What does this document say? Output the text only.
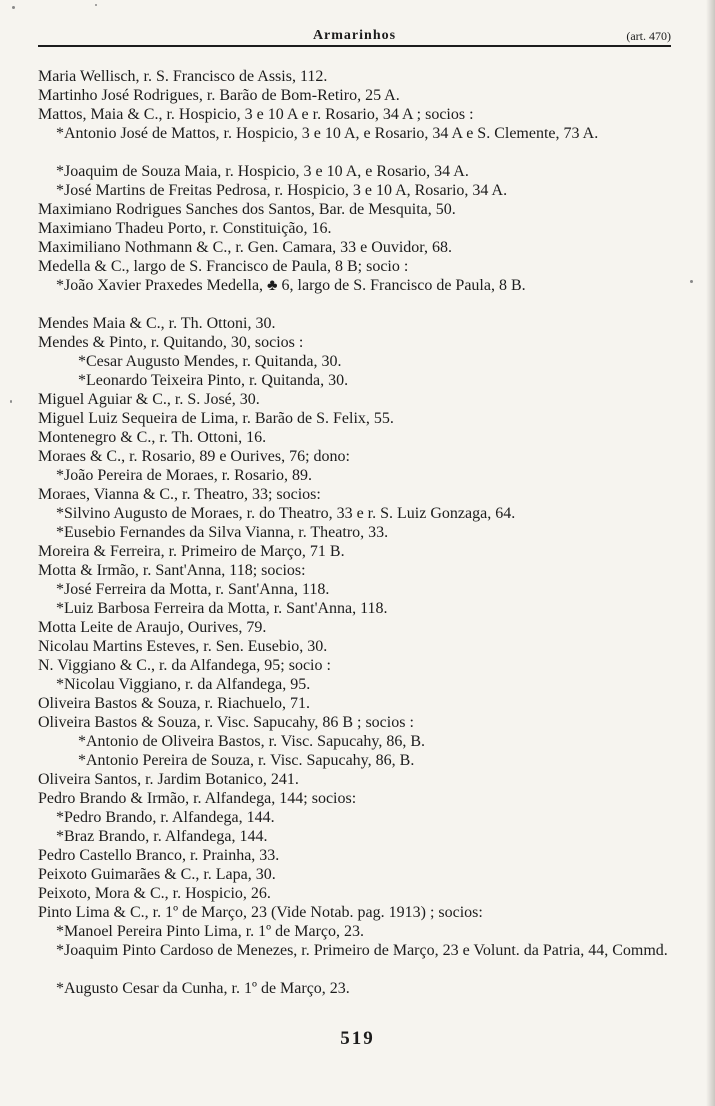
Armarinhos	(art. 470)
Maria Wellisch, r. S. Francisco de Assis, 112.
Martinho José Rodrigues, r. Barão de Bom-Retiro, 25 A.
Mattos, Maia & C., r. Hospicio, 3 e 10 A e r. Rosario, 34 A ; socios :
*Antonio José de Mattos, r. Hospicio, 3 e 10 A, e Rosario, 34 A e S. Clemente, 73 A.
*Joaquim de Souza Maia, r. Hospicio, 3 e 10 A, e Rosario, 34 A.
*José Martins de Freitas Pedrosa, r. Hospicio, 3 e 10 A, Rosario, 34 A.
Maximiano Rodrigues Sanches dos Santos, Bar. de Mesquita, 50.
Maximiano Thadeu Porto, r. Constituição, 16.
Maximiliano Nothmann & C., r. Gen. Camara, 33 e Ouvidor, 68.
Medella & C., largo de S. Francisco de Paula, 8 B; socio :
*João Xavier Praxedes Medella, ♣ 6, largo de S. Francisco de Paula, 8 B.
Mendes Maia & C., r. Th. Ottoni, 30.
Mendes & Pinto, r. Quitando, 30, socios :
*Cesar Augusto Mendes, r. Quitanda, 30.
*Leonardo Teixeira Pinto, r. Quitanda, 30.
Miguel Aguiar & C., r. S. José, 30.
Miguel Luiz Sequeira de Lima, r. Barão de S. Felix, 55.
Montenegro & C., r. Th. Ottoni, 16.
Moraes & C., r. Rosario, 89 e Ourives, 76; dono:
*João Pereira de Moraes, r. Rosario, 89.
Moraes, Vianna & C., r. Theatro, 33; socios:
*Silvino Augusto de Moraes, r. do Theatro, 33 e r. S. Luiz Gonzaga, 64.
*Eusebio Fernandes da Silva Vianna, r. Theatro, 33.
Moreira & Ferreira, r. Primeiro de Março, 71 B.
Motta & Irmão, r. Sant'Anna, 118; socios:
*José Ferreira da Motta, r. Sant'Anna, 118.
*Luiz Barbosa Ferreira da Motta, r. Sant'Anna, 118.
Motta Leite de Araujo, Ourives, 79.
Nicolau Martins Esteves, r. Sen. Eusebio, 30.
N. Viggiano & C., r. da Alfandega, 95; socio :
*Nicolau Viggiano, r. da Alfandega, 95.
Oliveira Bastos & Souza, r. Riachuelo, 71.
Oliveira Bastos & Souza, r. Visc. Sapucahy, 86 B ; socios :
*Antonio de Oliveira Bastos, r. Visc. Sapucahy, 86, B.
*Antonio Pereira de Souza, r. Visc. Sapucahy, 86, B.
Oliveira Santos, r. Jardim Botanico, 241.
Pedro Brando & Irmão, r. Alfandega, 144; socios:
*Pedro Brando, r. Alfandega, 144.
*Braz Brando, r. Alfandega, 144.
Pedro Castello Branco, r. Prainha, 33.
Peixoto Guimarães & C., r. Lapa, 30.
Peixoto, Mora & C., r. Hospicio, 26.
Pinto Lima & C., r. 1º de Março, 23 (Vide Notab. pag. 1913) ; socios:
*Manoel Pereira Pinto Lima, r. 1º de Março, 23.
*Joaquim Pinto Cardoso de Menezes, r. Primeiro de Março, 23 e Volunt. da Patria, 44, Commd.
*Augusto Cesar da Cunha, r. 1º de Março, 23.
519
